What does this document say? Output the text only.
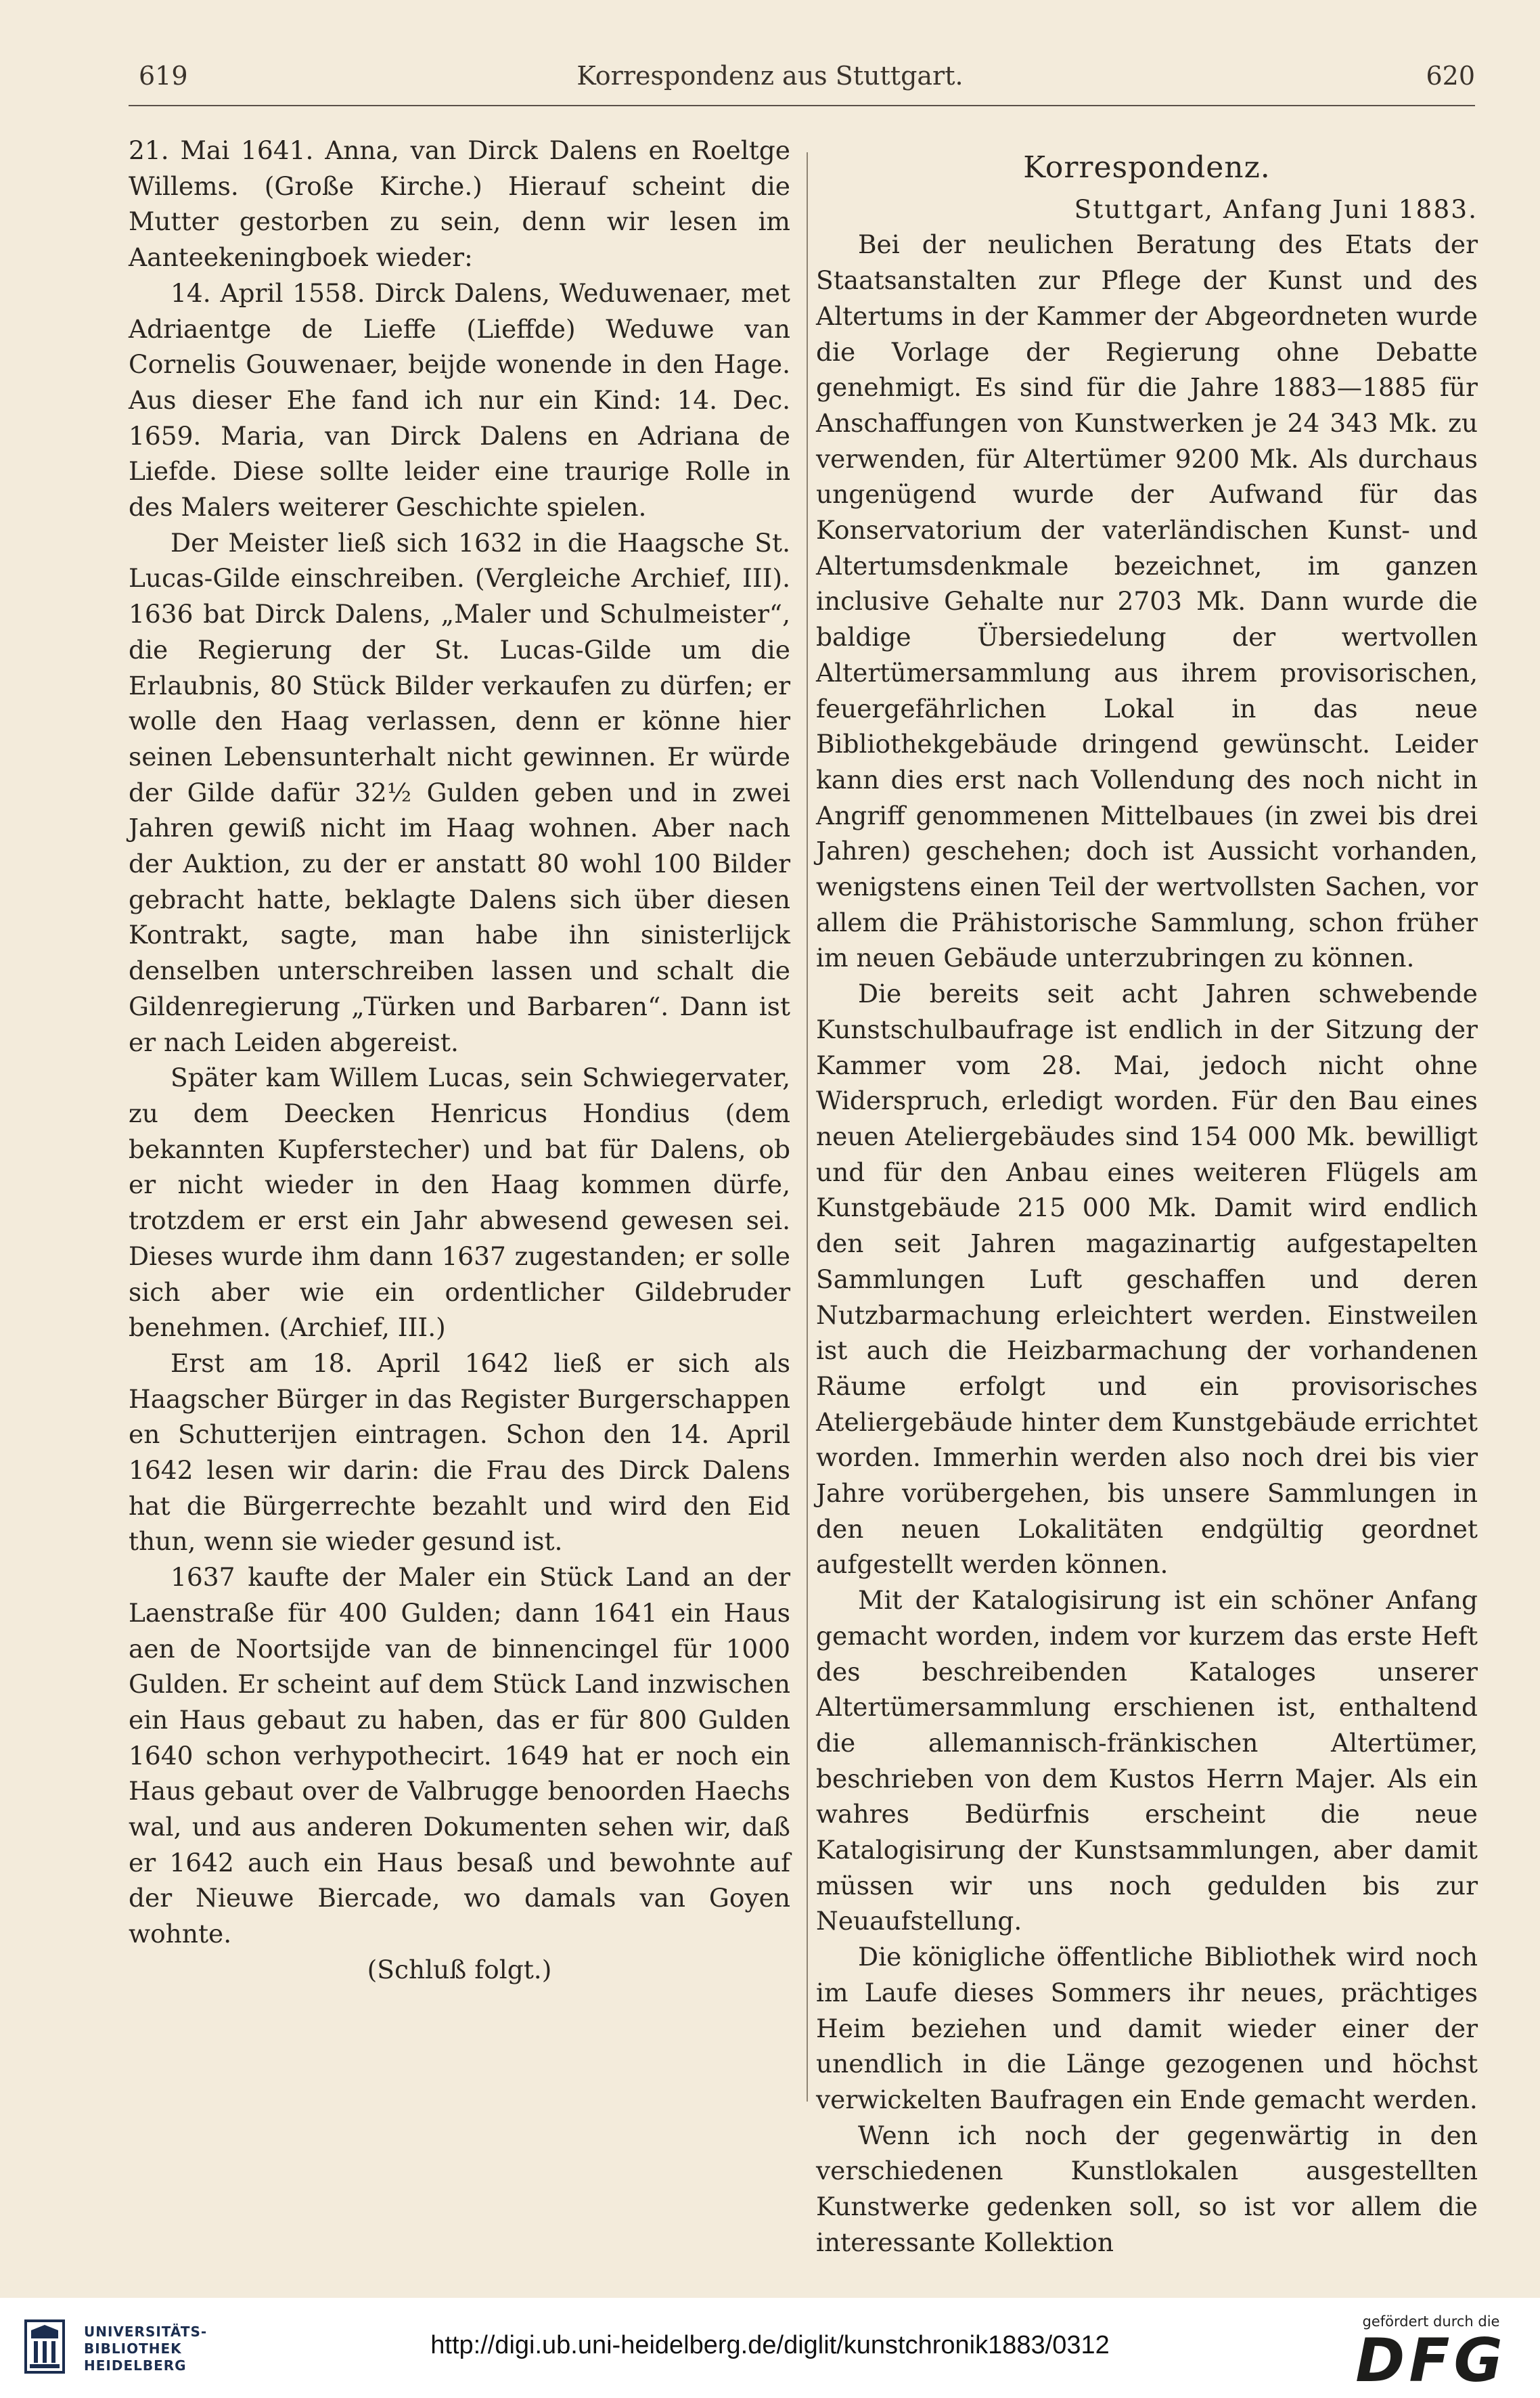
619	Korrespondenz aus Stuttgart.	620

21. Mai 1641. Anna, van Dirck Dalens en Roeltge Willems. (Große Kirche.) Hierauf scheint die Mutter gestorben zu sein, denn wir lesen im Aanteekeningboek wieder:

14. April 1558. Dirck Dalens, Weduwenaer, met Adriaentge de Lieffe (Lieffde) Weduwe van Cornelis Gouwenaer, beijde wonende in den Hage. Aus dieser Ehe fand ich nur ein Kind: 14. Dec. 1659. Maria, van Dirck Dalens en Adriana de Liefde. Diese sollte leider eine traurige Rolle in des Malers weiterer Geschichte spielen.

Der Meister ließ sich 1632 in die Haagsche St. Lucas-Gilde einschreiben. (Vergleiche Archief, III). 1636 bat Dirck Dalens, „Maler und Schulmeister“, die Regierung der St. Lucas-Gilde um die Erlaubnis, 80 Stück Bilder verkaufen zu dürfen; er wolle den Haag verlassen, denn er könne hier seinen Lebensunterhalt nicht gewinnen. Er würde der Gilde dafür 32½ Gulden geben und in zwei Jahren gewiß nicht im Haag wohnen. Aber nach der Auktion, zu der er anstatt 80 wohl 100 Bilder gebracht hatte, beklagte Dalens sich über diesen Kontrakt, sagte, man habe ihn sinisterlijck denselben unterschreiben lassen und schalt die Gildenregierung „Türken und Barbaren“. Dann ist er nach Leiden abgereist.

Später kam Willem Lucas, sein Schwiegervater, zu dem Deecken Henricus Hondius (dem bekannten Kupferstecher) und bat für Dalens, ob er nicht wieder in den Haag kommen dürfe, trotzdem er erst ein Jahr abwesend gewesen sei. Dieses wurde ihm dann 1637 zugestanden; er solle sich aber wie ein ordentlicher Gildebruder benehmen. (Archief, III.)

Erst am 18. April 1642 ließ er sich als Haagscher Bürger in das Register Burgerschappen en Schutterijen eintragen. Schon den 14. April 1642 lesen wir darin: die Frau des Dirck Dalens hat die Bürgerrechte bezahlt und wird den Eid thun, wenn sie wieder gesund ist.

1637 kaufte der Maler ein Stück Land an der Laenstraße für 400 Gulden; dann 1641 ein Haus aen de Noortsijde van de binnencingel für 1000 Gulden. Er scheint auf dem Stück Land inzwischen ein Haus gebaut zu haben, das er für 800 Gulden 1640 schon verhypothecirt. 1649 hat er noch ein Haus gebaut over de Valbrugge benoorden Haechs wal, und aus anderen Dokumenten sehen wir, daß er 1642 auch ein Haus besaß und bewohnte auf der Nieuwe Biercade, wo damals van Goyen wohnte.

(Schluß folgt.)

Korrespondenz.

Stuttgart, Anfang Juni 1883.

Bei der neulichen Beratung des Etats der Staatsanstalten zur Pflege der Kunst und des Altertums in der Kammer der Abgeordneten wurde die Vorlage der Regierung ohne Debatte genehmigt. Es sind für die Jahre 1883—1885 für Anschaffungen von Kunstwerken je 24 343 Mk. zu verwenden, für Altertümer 9200 Mk. Als durchaus ungenügend wurde der Aufwand für das Konservatorium der vaterländischen Kunst- und Altertumsdenkmale bezeichnet, im ganzen inclusive Gehalte nur 2703 Mk. Dann wurde die baldige Übersiedelung der wertvollen Altertümersammlung aus ihrem provisorischen, feuergefährlichen Lokal in das neue Bibliothekgebäude dringend gewünscht. Leider kann dies erst nach Vollendung des noch nicht in Angriff genommenen Mittelbaues (in zwei bis drei Jahren) geschehen; doch ist Aussicht vorhanden, wenigstens einen Teil der wertvollsten Sachen, vor allem die Prähistorische Sammlung, schon früher im neuen Gebäude unterzubringen zu können.

Die bereits seit acht Jahren schwebende Kunstschulbaufrage ist endlich in der Sitzung der Kammer vom 28. Mai, jedoch nicht ohne Widerspruch, erledigt worden. Für den Bau eines neuen Ateliergebäudes sind 154 000 Mk. bewilligt und für den Anbau eines weiteren Flügels am Kunstgebäude 215 000 Mk. Damit wird endlich den seit Jahren magazinartig aufgestapelten Sammlungen Luft geschaffen und deren Nutzbarmachung erleichtert werden. Einstweilen ist auch die Heizbarmachung der vorhandenen Räume erfolgt und ein provisorisches Ateliergebäude hinter dem Kunstgebäude errichtet worden. Immerhin werden also noch drei bis vier Jahre vorübergehen, bis unsere Sammlungen in den neuen Lokalitäten endgültig geordnet aufgestellt werden können.

Mit der Katalogisirung ist ein schöner Anfang gemacht worden, indem vor kurzem das erste Heft des beschreibenden Kataloges unserer Altertümersammlung erschienen ist, enthaltend die allemannisch-fränkischen Altertümer, beschrieben von dem Kustos Herrn Majer. Als ein wahres Bedürfnis erscheint die neue Katalogisirung der Kunstsammlungen, aber damit müssen wir uns noch gedulden bis zur Neuaufstellung.

Die königliche öffentliche Bibliothek wird noch im Laufe dieses Sommers ihr neues, prächtiges Heim beziehen und damit wieder einer der unendlich in die Länge gezogenen und höchst verwickelten Baufragen ein Ende gemacht werden.

Wenn ich noch der gegenwärtig in den verschiedenen Kunstlokalen ausgestellten Kunstwerke gedenken soll, so ist vor allem die interessante Kollektion

UNIVERSITÄTS-
BIBLIOTHEK
HEIDELBERG
http://digi.ub.uni-heidelberg.de/diglit/kunstchronik1883/0312
gefördert durch die
DFG
